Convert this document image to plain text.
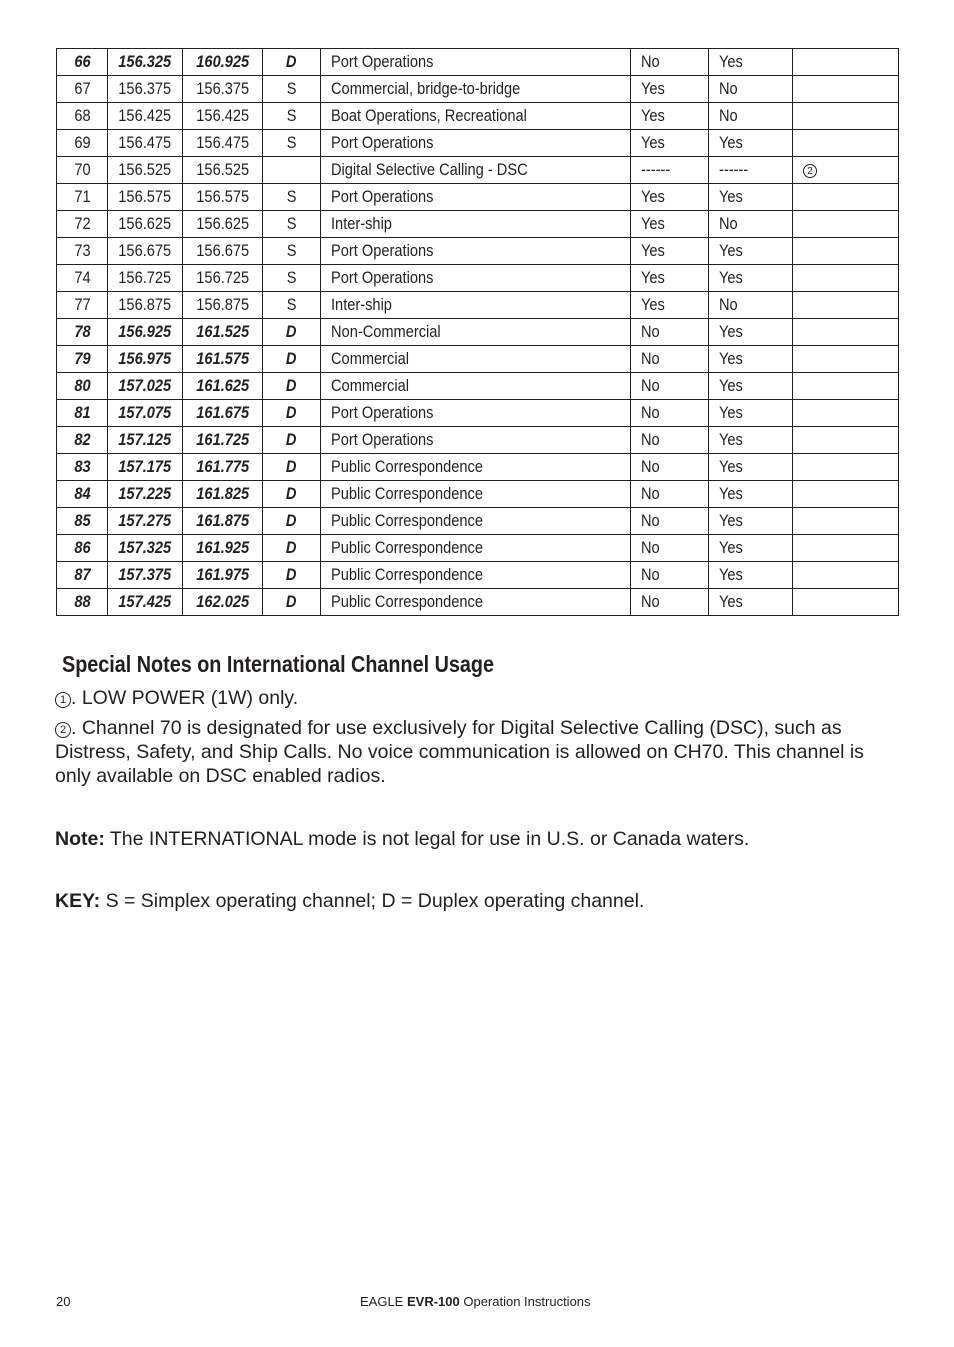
66	156.325	160.925	D	Port Operations	No	Yes	
67	156.375	156.375	S	Commercial, bridge-to-bridge	Yes	No	
68	156.425	156.425	S	Boat Operations, Recreational	Yes	No	
69	156.475	156.475	S	Port Operations	Yes	Yes	
70	156.525	156.525		Digital Selective Calling - DSC	------	------	2
71	156.575	156.575	S	Port Operations	Yes	Yes	
72	156.625	156.625	S	Inter-ship	Yes	No	
73	156.675	156.675	S	Port Operations	Yes	Yes	
74	156.725	156.725	S	Port Operations	Yes	Yes	
77	156.875	156.875	S	Inter-ship	Yes	No	
78	156.925	161.525	D	Non-Commercial	No	Yes	
79	156.975	161.575	D	Commercial	No	Yes	
80	157.025	161.625	D	Commercial	No	Yes	
81	157.075	161.675	D	Port Operations	No	Yes	
82	157.125	161.725	D	Port Operations	No	Yes	
83	157.175	161.775	D	Public Correspondence	No	Yes	
84	157.225	161.825	D	Public Correspondence	No	Yes	
85	157.275	161.875	D	Public Correspondence	No	Yes	
86	157.325	161.925	D	Public Correspondence	No	Yes	
87	157.375	161.975	D	Public Correspondence	No	Yes	
88	157.425	162.025	D	Public Correspondence	No	Yes	
Special Notes on International Channel Usage

1 . LOW POWER (1W) only.

2 . Channel 70 is designated for use exclusively for Digital Selective Calling (DSC), such as Distress, Safety, and Ship Calls. No voice communication is allowed on CH70. This channel is only available on DSC enabled radios.

Note: The INTERNATIONAL mode is not legal for use in U.S. or Canada waters.

KEY: S = Simplex operating channel; D = Duplex operating channel.

20	EAGLE EVR-100 Operation Instructions
